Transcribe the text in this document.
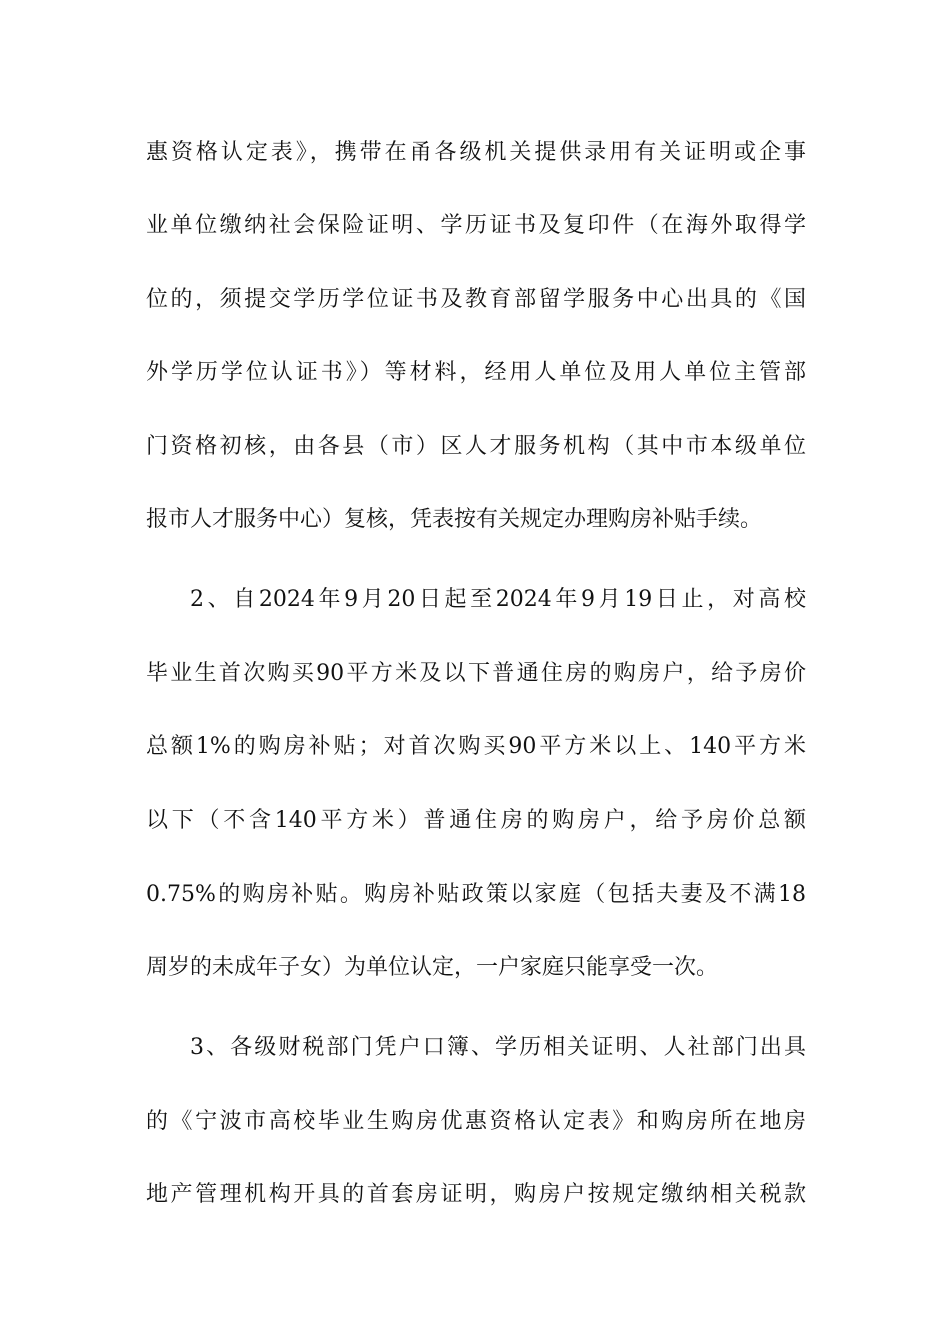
惠资格认定表》，携带在甬各级机关提供录用有关证明或企事
业单位缴纳社会保险证明、学历证书及复印件（在海外取得学
位的，须提交学历学位证书及教育部留学服务中心出具的《国
外学历学位认证书》）等材料，经用人单位及用人单位主管部
门资格初核，由各县（市）区人才服务机构（其中市本级单位
报市人才服务中心）复核，凭表按有关规定办理购房补贴手续。
2、自2024年9月20日起至2024年9月19日止，对高校
毕业生首次购买90平方米及以下普通住房的购房户，给予房价
总额1%的购房补贴；对首次购买90平方米以上、140平方米
以下（不含140平方米）普通住房的购房户，给予房价总额
0.75%的购房补贴。购房补贴政策以家庭（包括夫妻及不满18
周岁的未成年子女）为单位认定，一户家庭只能享受一次。
3、各级财税部门凭户口簿、学历相关证明、人社部门出具
的《宁波市高校毕业生购房优惠资格认定表》和购房所在地房
地产管理机构开具的首套房证明，购房户按规定缴纳相关税款
